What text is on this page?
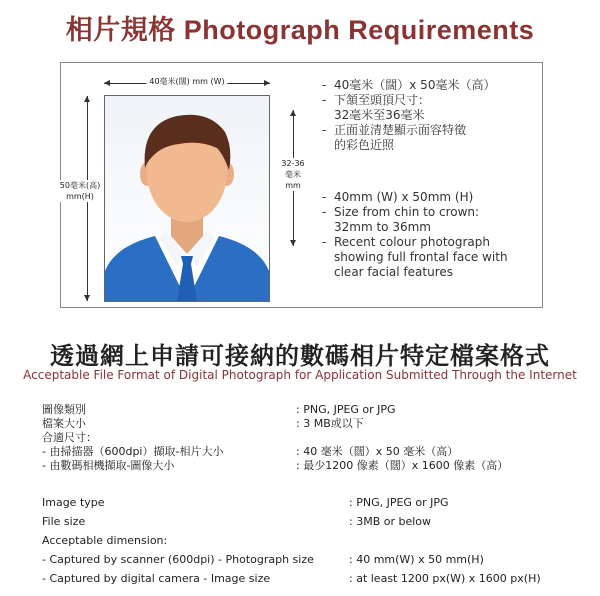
相片規格 Photograph Requirements
40毫米(闊) mm (W)
50毫米(高)
mm(H)
32-36
毫米
mm
- 40毫米（闊）x 50毫米（高）
- 下頷至頭頂尺寸：
32毫米至36毫米
- 正面並清楚顯示面容特徵
的彩色近照
- 40mm (W) x 50mm (H)
- Size from chin to crown:
32mm to 36mm
- Recent colour photograph
showing full frontal face with
clear facial features
透過網上申請可接納的數碼相片特定檔案格式
Acceptable File Format of Digital Photograph for Application Submitted Through the Internet
圖像類別	: PNG, JPEG or JPG
檔案大小	: 3 MB或以下
合適尺寸：
- 由掃描器（600dpi）擷取-相片大小	: 40 毫米（闊）x 50 毫米（高）
- 由數碼相機擷取-圖像大小	: 最少1200 像素（闊）x 1600 像素（高）
Image type	: PNG, JPEG or JPG
File size	: 3MB or below
Acceptable dimension:
- Captured by scanner (600dpi) - Photograph size	: 40 mm(W) x 50 mm(H)
- Captured by digital camera - Image size	: at least 1200 px(W) x 1600 px(H)
